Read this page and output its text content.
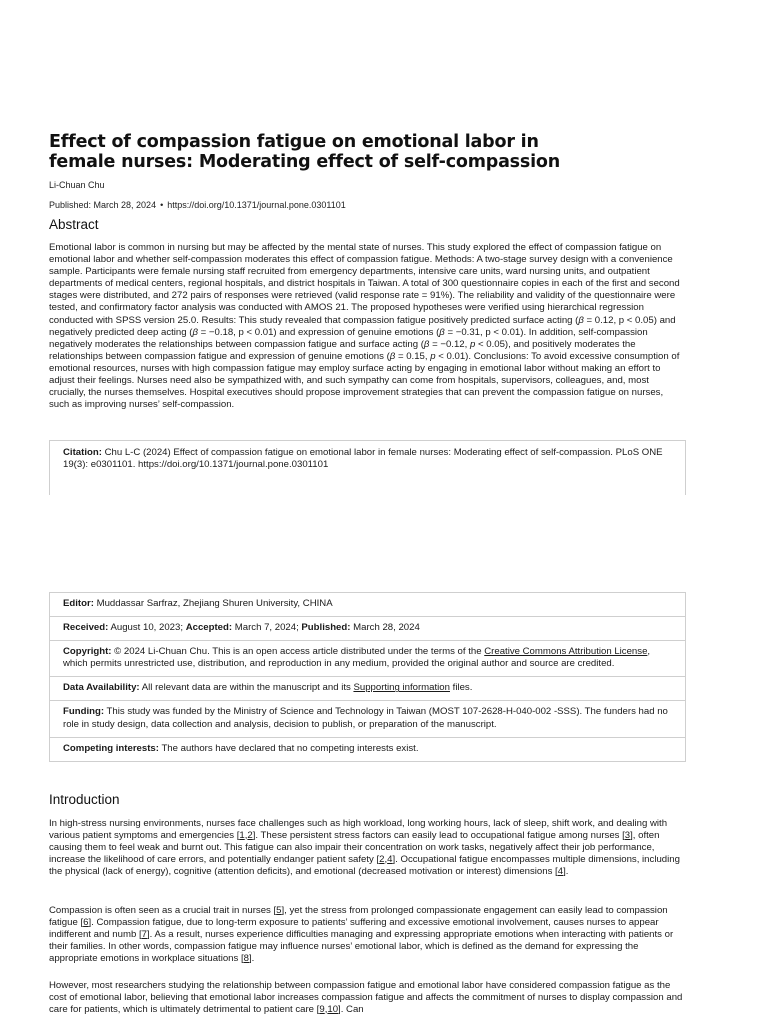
Effect of compassion fatigue on emotional labor in female nurses: Moderating effect of self-compassion
Li-Chuan Chu
Published: March 28, 2024 • https://doi.org/10.1371/journal.pone.0301101
Abstract

Emotional labor is common in nursing but may be affected by the mental state of nurses. This study explored the effect of compassion fatigue on emotional labor and whether self-compassion moderates this effect of compassion fatigue. Methods: A two-stage survey design with a convenience sample. Participants were female nursing staff recruited from emergency departments, intensive care units, ward nursing units, and outpatient departments of medical centers, regional hospitals, and district hospitals in Taiwan. A total of 300 questionnaire copies in each of the first and second stages were distributed, and 272 pairs of responses were retrieved (valid response rate = 91%). The reliability and validity of the questionnaire were tested, and confirmatory factor analysis was conducted with AMOS 21. The proposed hypotheses were verified using hierarchical regression conducted with SPSS version 25.0. Results: This study revealed that compassion fatigue positively predicted surface acting (β = 0.12, p < 0.05) and negatively predicted deep acting (β = −0.18, p < 0.01) and expression of genuine emotions (β = −0.31, p < 0.01). In addition, self-compassion negatively moderates the relationships between compassion fatigue and surface acting (β = −0.12, p < 0.05), and positively moderates the relationships between compassion fatigue and expression of genuine emotions (β = 0.15, p < 0.01). Conclusions: To avoid excessive consumption of emotional resources, nurses with high compassion fatigue may employ surface acting by engaging in emotional labor without making an effort to adjust their feelings. Nurses need also be sympathized with, and such sympathy can come from hospitals, supervisors, colleagues, and, most crucially, the nurses themselves. Hospital executives should propose improvement strategies that can prevent the compassion fatigue on nurses, such as improving nurses’ self-compassion.

Citation: Chu L-C (2024) Effect of compassion fatigue on emotional labor in female nurses: Moderating effect of self-compassion. PLoS ONE 19(3): e0301101. https://doi.org/10.1371/journal.pone.0301101
Editor: Muddassar Sarfraz, Zhejiang Shuren University, CHINA
Received: August 10, 2023; Accepted: March 7, 2024; Published: March 28, 2024
Copyright: © 2024 Li-Chuan Chu. This is an open access article distributed under the terms of the Creative Commons Attribution License, which permits unrestricted use, distribution, and reproduction in any medium, provided the original author and source are credited.
Data Availability: All relevant data are within the manuscript and its Supporting information files.
Funding: This study was funded by the Ministry of Science and Technology in Taiwan (MOST 107-2628-H-040-002 -SSS). The funders had no role in study design, data collection and analysis, decision to publish, or preparation of the manuscript.
Competing interests: The authors have declared that no competing interests exist.
Introduction

In high-stress nursing environments, nurses face challenges such as high workload, long working hours, lack of sleep, shift work, and dealing with various patient symptoms and emergencies [1,2]. These persistent stress factors can easily lead to occupational fatigue among nurses [3], often causing them to feel weak and burnt out. This fatigue can also impair their concentration on work tasks, negatively affect their job performance, increase the likelihood of care errors, and potentially endanger patient safety [2,4]. Occupational fatigue encompasses multiple dimensions, including the physical (lack of energy), cognitive (attention deficits), and emotional (decreased motivation or interest) dimensions [4].

Compassion is often seen as a crucial trait in nurses [5], yet the stress from prolonged compassionate engagement can easily lead to compassion fatigue [6]. Compassion fatigue, due to long-term exposure to patients’ suffering and excessive emotional involvement, causes nurses to appear indifferent and numb [7]. As a result, nurses experience difficulties managing and expressing appropriate emotions when interacting with patients or their families. In other words, compassion fatigue may influence nurses’ emotional labor, which is defined as the demand for expressing the appropriate emotions in workplace situations [8].

However, most researchers studying the relationship between compassion fatigue and emotional labor have considered compassion fatigue as the cost of emotional labor, believing that emotional labor increases compassion fatigue and affects the commitment of nurses to display compassion and care for patients, which is ultimately detrimental to patient care [9,10]. Can
